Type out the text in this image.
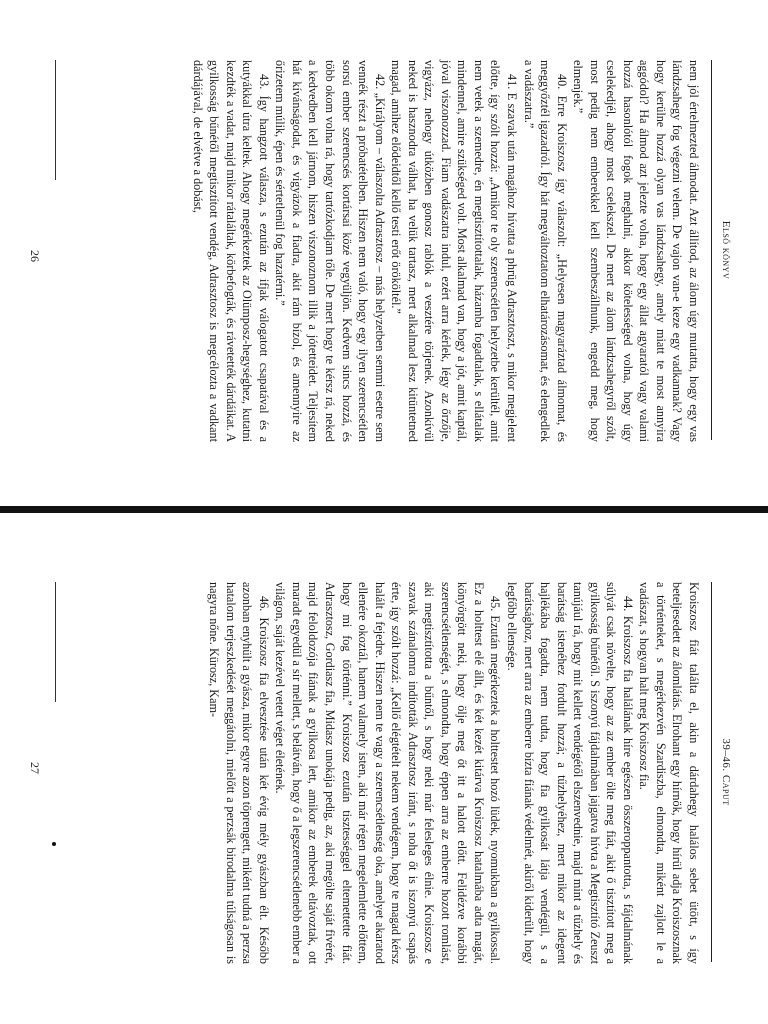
Első könyv

nem jól értelmezted álmodat. Azt állítod, az álom úgy mutatta, hogy egy vas lándzsahegy fog végezni velem. De vajon van-e keze egy vadkannak? Vagy hogy kerülne hozzá olyan vas lándzsahegy, amely miatt te most annyira aggódol? Ha álmod azt jelezte volna, hogy egy állat agyaratól vagy valami hozzá hasonlótól fogok meghalni, akkor kötelességed volna, hogy úgy cselekedjél, ahogy most cselekszel. De mert az álom lándzsahegyről szólt, most pedig nem emberekkel kell szembeszállnunk, engedd meg, hogy elmenjek.”

40. Erre Kroiszosz így válaszolt: „Helyesen magyaráztad álmomat, és meggyőztél igazadról. Így hát megváltoztatom elhatározásomat, és elengedlek a vadászatra.”

41. E szavak után magához hívatta a phrüg Adrasztoszt, s mikor megjelent előtte, így szólt hozzá: „Amikor te oly szerencsétlen helyzetbe kerültél, amit nem vetek a szemedre, én megtisztítottalak, házamba fogadtalak, s ellátalak mindennel, amire szükséged volt. Most alkalmad van, hogy a jót, amit kaptál, jóval viszonozzad. Fiam vadászatra indul, ezért arra kérlek, légy az őrzője, vigyázz, nehogy útközben gonosz rablók a vesztére törjenek. Azonkívül neked is hasznodra válhat, ha velük tartasz, mert alkalmad lesz kitüntetned magad, amihez elődeidtől kellő testi erőt örököltél.”

42. „Királyom – válaszolta Adrasztosz – más helyzetben semmi esetre sem vennék részt a próbatételben. Hiszen nem való, hogy egy ilyen szerencsétlen sorsú ember szerencsés kortársai közé vegyüljön. Kedvem sincs hozzá, és több okom volna rá, hogy tartózkodjam tőle. De mert hogy te kérsz rá, neked a kedvedben kell járnom, hiszen viszonoznom illik a jótetteidet. Teljesítem hát kívánságodat, és vigyázok a fiadra, akit rám bízol, és amennyire az őrizetem múlik, épen és sértetlenül fog hazatérni.”

43. Így hangzott válasza, s ezután az ifjak válogatott csapatával és a kutyákkal útra keltek. Ahogy megérkeztek az Olümposz-hegységhez, kutatni kezdték a vadat, majd mikor rátaláltak, körbefogták, és rávetették dárdáikat. A gyilkosság bűnétől megtisztított vendég, Adrasztosz is megcélozta a vadkant dárdájával, de elvétve a dobást,

26
39–46. Caput

Kroiszosz fiát találta el, akin a dárdahegy halálos sebet ütött, s így beteljesedett az álomlátás. Elrohant egy hírnök, hogy hírül adja Kroiszosznak a történteket, s megérkezvén Szardiszba, elmondta, miként zajlott le a vadászat, s hogyan halt meg Kroiszosz fia.

44. Kroiszosz fia halálának híre egészen összeroppantotta, s fájdalmának súlyát csak növelte, hogy az az ember ölte meg fiát, akit ő tisztított meg a gyilkosság bűnétől. S iszonyú fájdalmában jajgatva hívta a Megtisztító Zeuszt tanújául rá, hogy mit kellett vendégétől elszenvednie, majd mint a tűzhely és barátság istenéhez fordult hozzá; a tűzhelyéhez, mert mikor az idegent hajlékába fogadta, nem tudta, hogy fia gyilkosát látja vendégül, s a barátsághoz, mert arra az emberre bízta fiának védelmét, akiről kiderült, hogy legfőbb ellensége.

45. Ezután megérkeztek a holttestet hozó lüdek, nyomukban a gyilkossal. Ez a holttest elé állt, és két kezét kitárva Kroiszosz hatalmába adta magát, könyörgött neki, hogy ölje meg őt itt a halott előtt. Felidézve korábbi szerencsétlenségét, s elmondta, hogy éppen arra az emberre hozott romlást, aki megtisztította a bűntől, s hogy neki már felesleges élnie. Kroiszosz e szavak szánalomra indították Adrasztosz iránt, s noha őt is iszonyú csapás érte, így szólt hozzá: „Kellő elégtételt nekem vendégem, hogy te magad kérsz halált a fejedre. Hiszen nem te vagy a szerencsétlenség oka, amelyet akaratod ellenére okoztál, hanem valamely isten, aki már régen megelemlette előttem, hogy mi fog történni.” Kroiszosz ezután tisztességgel eltemettette fiát. Adrasztosz, Gordiasz fia, Midasz unokája pedig, az, aki megölte saját fivérét, majd feloldozója fiának a gyilkosa lett, amikor az emberek eltávoztak, ott maradt egyedül a sír mellett, s belátván, hogy ő a legszerencsétlenebb ember a világon, saját kezével vetett véget életének.

46. Kroiszosz fia elvesztése után két évig mély gyászban élt. Később azonban enyhült a gyásza, mikor egyre azon töprengett, miként tudná a perzsa hatalom terjeszkedését meggátolni, mielőtt a perzsák birodalma túlságosan is nagyra nőne. Kürosz, Kam-

27
